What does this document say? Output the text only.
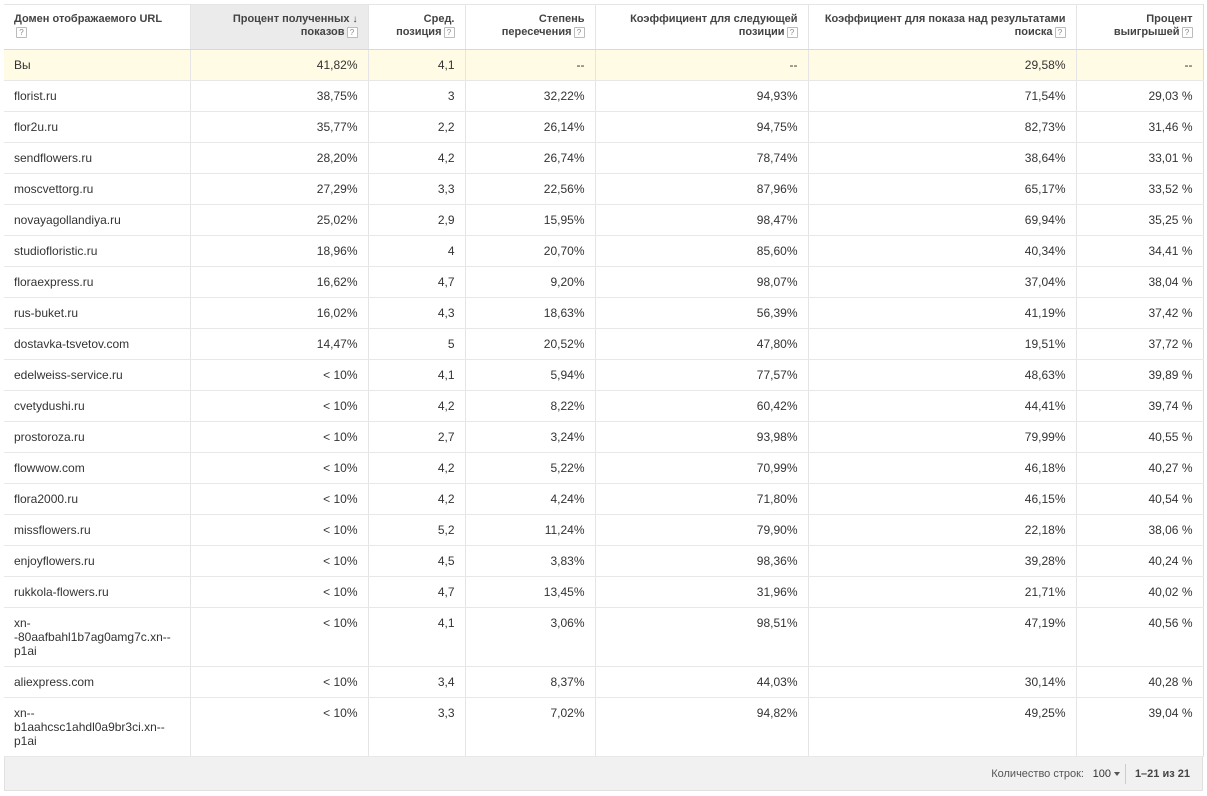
Домен отображаемого URL
?	Процент полученных ↓
показов ?	Сред.
позиция ?	Степень
пересечения ?	Коэффициент для следующей
позиции ?	Коэффициент для показа над результатами
поиска ?	Процент
выигрышей ?

Вы	41,82%	4,1	--	--	29,58%	--

florist.ru	38,75%	3	32,22%	94,93%	71,54%	29,03 %

flor2u.ru	35,77%	2,2	26,14%	94,75%	82,73%	31,46 %

sendflowers.ru	28,20%	4,2	26,74%	78,74%	38,64%	33,01 %

moscvettorg.ru	27,29%	3,3	22,56%	87,96%	65,17%	33,52 %

novayagollandiya.ru	25,02%	2,9	15,95%	98,47%	69,94%	35,25 %

studiofloristic.ru	18,96%	4	20,70%	85,60%	40,34%	34,41 %

floraexpress.ru	16,62%	4,7	9,20%	98,07%	37,04%	38,04 %

rus-buket.ru	16,02%	4,3	18,63%	56,39%	41,19%	37,42 %

dostavka-tsvetov.com	14,47%	5	20,52%	47,80%	19,51%	37,72 %

edelweiss-service.ru	< 10%	4,1	5,94%	77,57%	48,63%	39,89 %

cvetydushi.ru	< 10%	4,2	8,22%	60,42%	44,41%	39,74 %

prostoroza.ru	< 10%	2,7	3,24%	93,98%	79,99%	40,55 %

flowwow.com	< 10%	4,2	5,22%	70,99%	46,18%	40,27 %

flora2000.ru	< 10%	4,2	4,24%	71,80%	46,15%	40,54 %

missflowers.ru	< 10%	5,2	11,24%	79,90%	22,18%	38,06 %

enjoyflowers.ru	< 10%	4,5	3,83%	98,36%	39,28%	40,24 %

rukkola-flowers.ru	< 10%	4,7	13,45%	31,96%	21,71%	40,02 %

xn-
-80aafbahl1b7ag0amg7c.xn--
p1ai	< 10%	4,1	3,06%	98,51%	47,19%	40,56 %

aliexpress.com	< 10%	3,4	8,37%	44,03%	30,14%	40,28 %

xn--
b1aahcsc1ahdl0a9br3ci.xn--
p1ai	< 10%	3,3	7,02%	94,82%	49,25%	39,04 %
Количество строк: 100	1–21 из 21
